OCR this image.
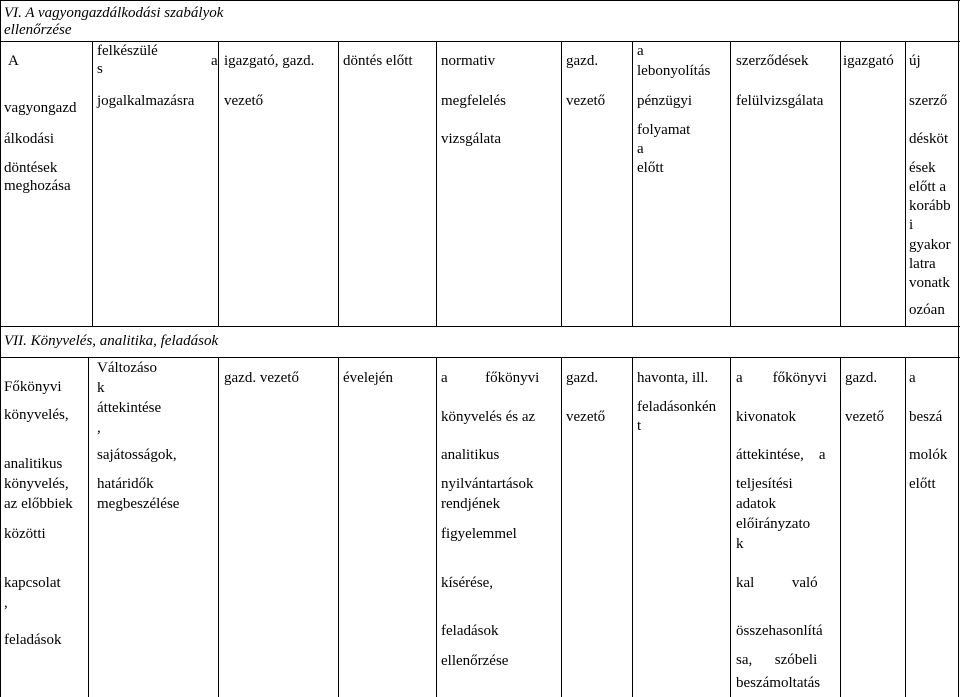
VI. A vagyongazdálkodási szabályok
ellenőrzése
A
vagyongazd
álkodási
döntések
meghozása
felkészülé
s
jogalkalmazásra
a igazgató, gazd.
vezető
döntés előtt normativ
megfelelés
vizsgálata
gazd.
vezető
a
lebonyolítás
pénzügyi
folyamat
a
előtt
szerződések
felülvizsgálata
igazgató új
szerző
désköt
ések
előtt a
korább
i
gyakor
latra
vonatk
ozóan
VII. Könyvelés, analitika, feladások
Főkönyvi
könyvelés,
analitikus
könyvelés,
az előbbiek
közötti
kapcsolat
,
feladások
Változáso
k
áttekintése
,
sajátosságok,
határidők
megbeszélése
gazd. vezető	évelején	a          főkönyvi
könyvelés és az
analitikus
nyilvántartások
rendjének
figyelemmel
kísérése,
feladások
ellenőrzése
gazd.
vezető
havonta, ill.
feladásonkén
t
a        főkönyvi
kivonatok
áttekintése,    a
teljesítési
adatok
előirányzato
k
kal          való
összehasonlítá
sa,      szóbeli
beszámoltatás
gazd.
vezető
a
beszá
molók
előtt
